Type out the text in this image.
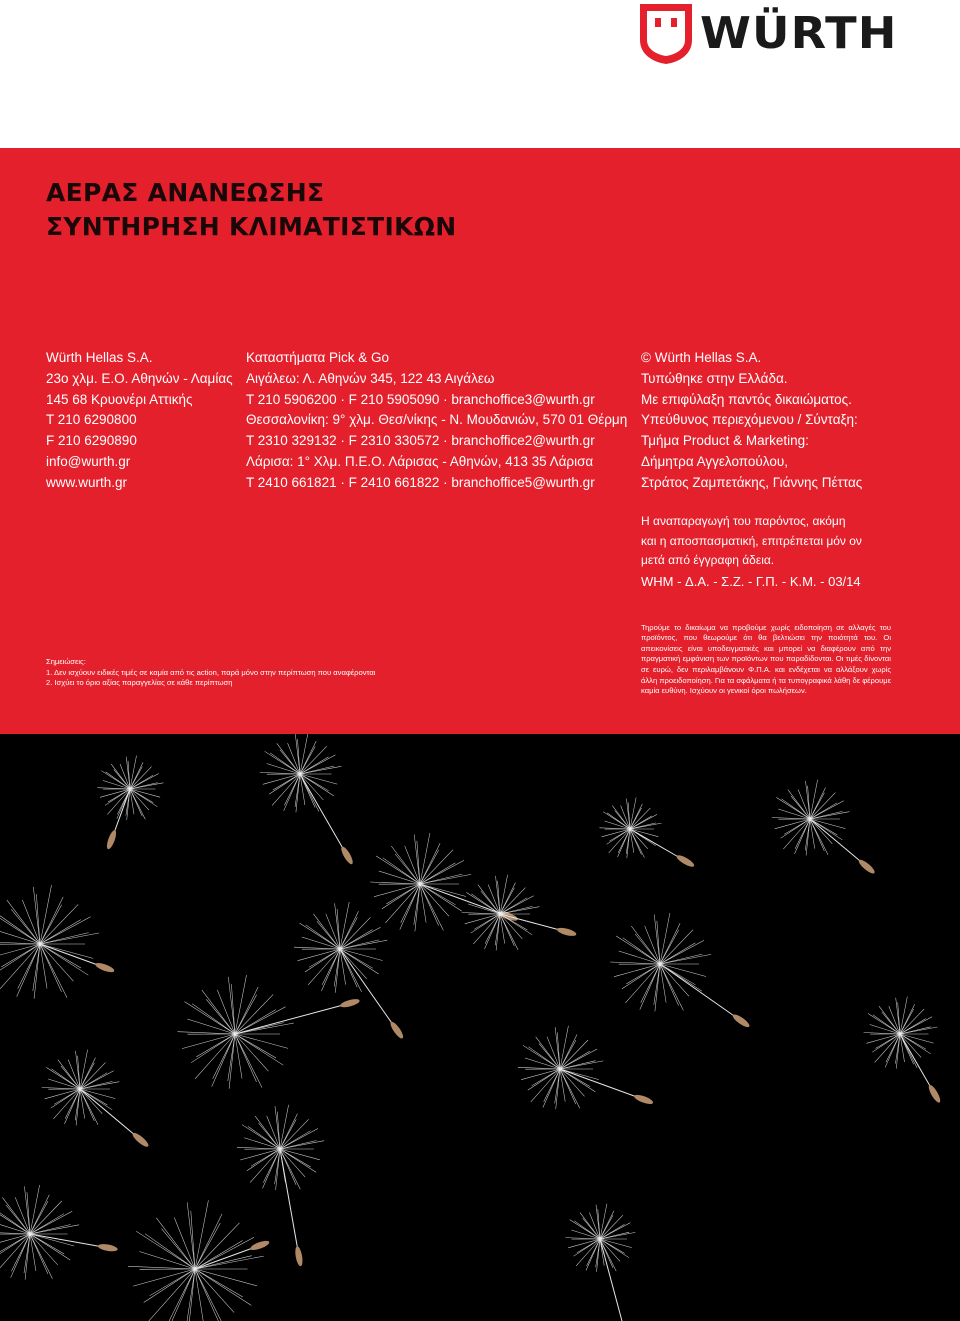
WÜRTH
ΑΕΡΑΣ ΑΝΑΝΕΩΣΗΣ
ΣΥΝΤΗΡΗΣΗ ΚΛΙΜΑΤΙΣΤΙΚΩΝ
Würth Hellas S.A.
23ο χλμ. Ε.Ο. Αθηνών - Λαμίας
145 68 Κρυονέρι Αττικής
T 210 6290800
F 210 6290890
info@wurth.gr
www.wurth.gr
Καταστήματα Pick & Go
Αιγάλεω: Λ. Αθηνών 345, 122 43 Αιγάλεω
T 210 5906200 · F 210 5905090 · branchoffice3@wurth.gr
Θεσσαλονίκη: 9° χλμ. Θεσ/νίκης - Ν. Μουδανιών, 570 01 Θέρμη
T 2310 329132 · F 2310 330572 · branchoffice2@wurth.gr
Λάρισα: 1° Χλμ. Π.Ε.Ο. Λάρισας - Αθηνών, 413 35 Λάρισα
T 2410 661821 · F 2410 661822 · branchoffice5@wurth.gr
© Würth Hellas S.A.
Τυπώθηκε στην Ελλάδα.
Με επιφύλαξη παντός δικαιώματος.
Υπεύθυνος περιεχόμενου / Σύνταξη:
Τμήμα Product & Marketing:
Δήμητρα Αγγελοπούλου,
Στράτος Ζαμπετάκης, Γιάννης Πέττας
Η αναπαραγωγή του παρόντος, ακόμη
και η αποσπασματική, επιτρέπεται μόν ον
μετά από έγγραφη άδεια.
WHM - Δ.Α. - Σ.Ζ. - Γ.Π. - Κ.Μ. - 03/14
Σημειώσεις:
1. Δεν ισχύουν ειδικές τιμές σε καμία από τις action, παρά μόνο στην περίπτωση που αναφέρονται
2. Ισχύει το όριο αξίας παραγγελίας σε κάθε περίπτωση

Τηρούμε το δικαίωμα να προβούμε χωρίς ειδοποίηση σε αλλαγές του προϊόντος, που θεωρούμε ότι θα βελτιώσει την ποιότητά του. Οι απεικονίσεις είναι υποδειγματικές και μπορεί να διαφέρουν από την πραγματική εμφάνιση των προϊόντων που παραδίδονται. Οι τιμές δίνονται σε ευρώ, δεν περιλαμβάνουν Φ.Π.Α. και ενδέχεται να αλλάξουν χωρίς άλλη προειδοποίηση. Για τα σφάλματα ή τα τυπογραφικά λάθη δε φέρουμε καμία ευθύνη. Ισχύουν οι γενικοί όροι πωλήσεων.
